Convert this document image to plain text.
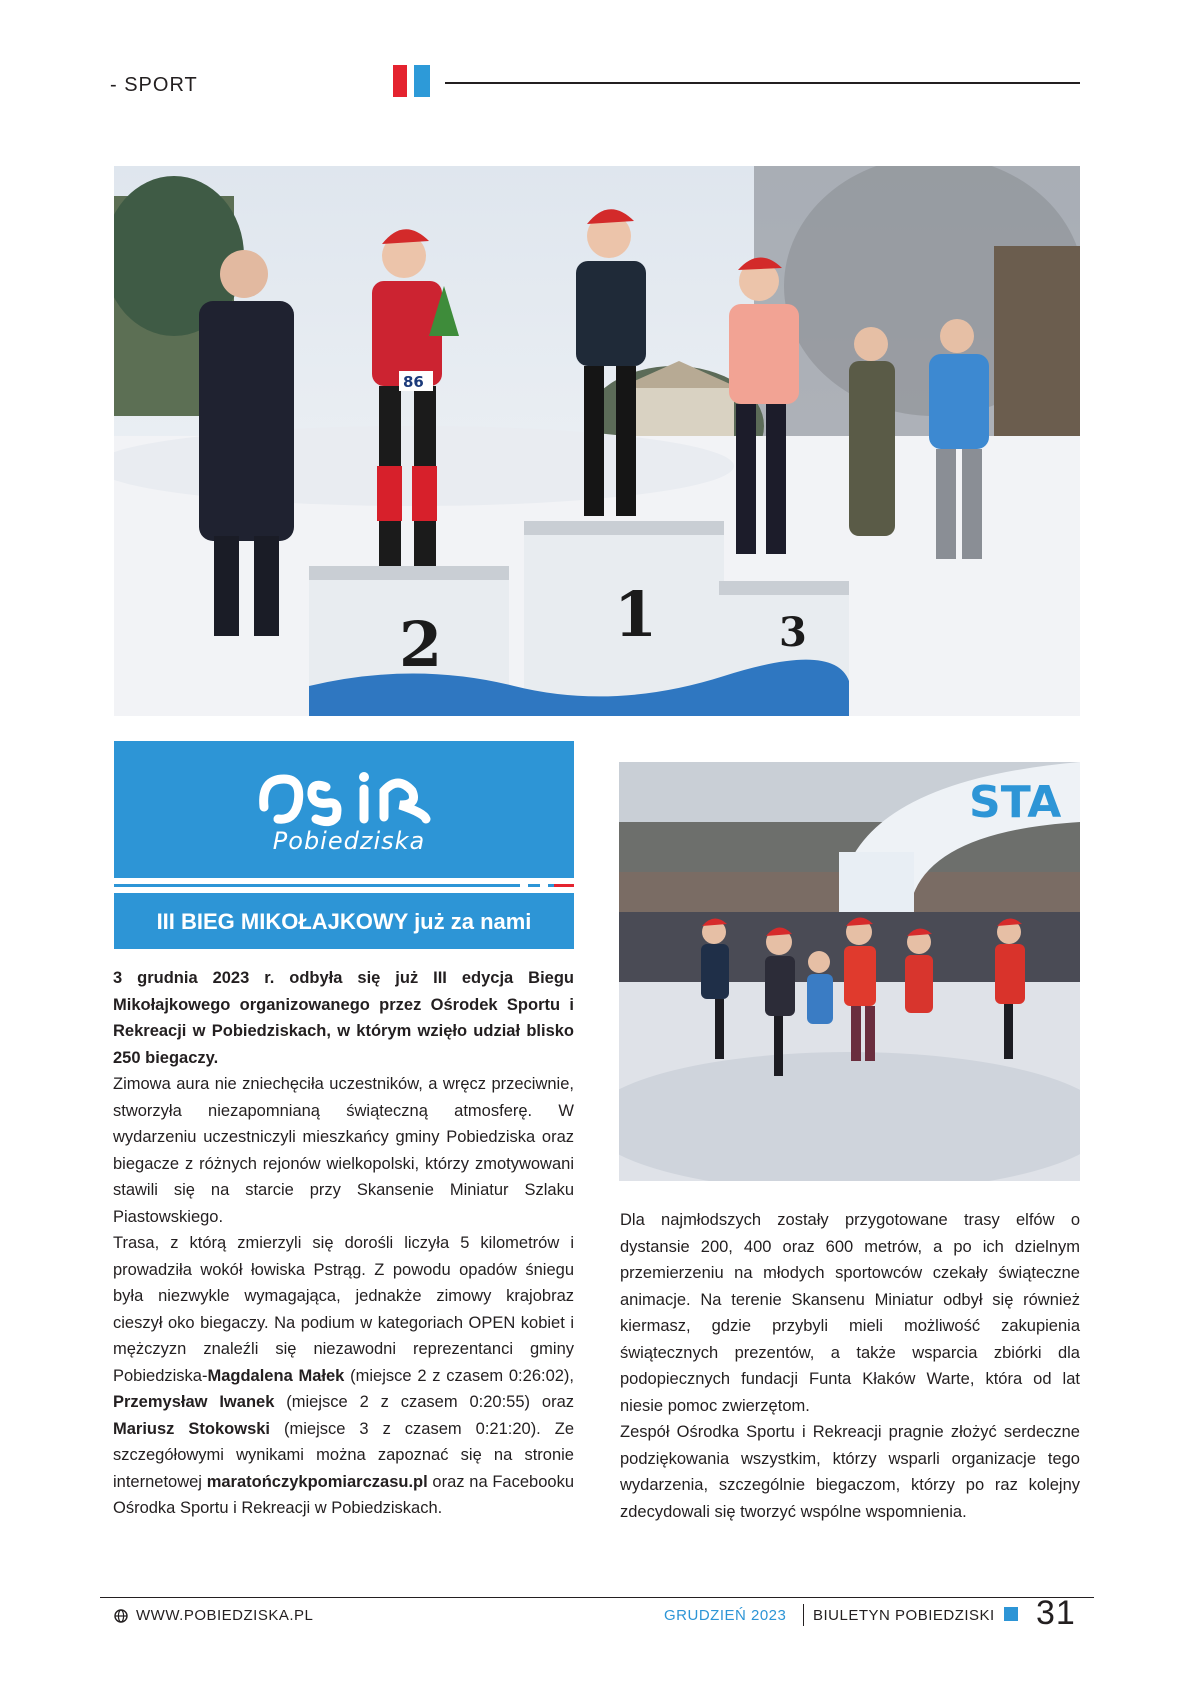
- SPORT
2	1	3
86
Pobiedziska
III BIEG MIKOŁAJKOWY już za nami

3 grudnia 2023 r. odbyła się już III edycja Biegu Mikołajkowego organizowanego przez Ośrodek Sportu i Rekreacji w Pobiedziskach, w którym wzięło udział blisko 250 biegaczy.

Zimowa aura nie zniechęciła uczestników, a wręcz przeciwnie, stworzyła niezapomnianą świąteczną atmosferę. W wydarzeniu uczestniczyli mieszkańcy gminy Pobiedziska oraz biegacze z różnych rejonów wielkopolski, którzy zmotywowani stawili się na starcie przy Skansenie Miniatur Szlaku Piastowskiego.

Trasa, z którą zmierzyli się dorośli liczyła 5 kilometrów i prowadziła wokół łowiska Pstrąg. Z powodu opadów śniegu była niezwykle wymagająca, jednakże zimowy krajobraz cieszył oko biegaczy. Na podium w kategoriach OPEN kobiet i mężczyzn znaleźli się niezawodni reprezentanci gminy Pobiedziska-Magdalena Małek (miejsce 2 z czasem 0:26:02), Przemysław Iwanek (miejsce 2 z czasem 0:20:55) oraz Mariusz Stokowski (miejsce 3 z czasem 0:21:20). Ze szczegółowymi wynikami można zapoznać się na stronie internetowej maratończykpomiarczasu.pl oraz na Facebooku Ośrodka Sportu i Rekreacji w Pobiedziskach.

STA

Dla najmłodszych zostały przygotowane trasy elfów o dystansie 200, 400 oraz 600 metrów, a po ich dzielnym przemierzeniu na młodych sportowców czekały świąteczne animacje. Na terenie Skansenu Miniatur odbył się również kiermasz, gdzie przybyli mieli możliwość zakupienia świątecznych prezentów, a także wsparcia zbiórki dla podopiecznych fundacji Funta Kłaków Warte, która od lat niesie pomoc zwierzętom.

Zespół Ośrodka Sportu i Rekreacji pragnie złożyć serdeczne podziękowania wszystkim, którzy wsparli organizacje tego wydarzenia, szczególnie biegaczom, którzy po raz kolejny zdecydowali się tworzyć wspólne wspomnienia.

WWW.POBIEDZISKA.PL	GRUDZIEŃ 2023 BIULETYN POBIEDZISKI 31
